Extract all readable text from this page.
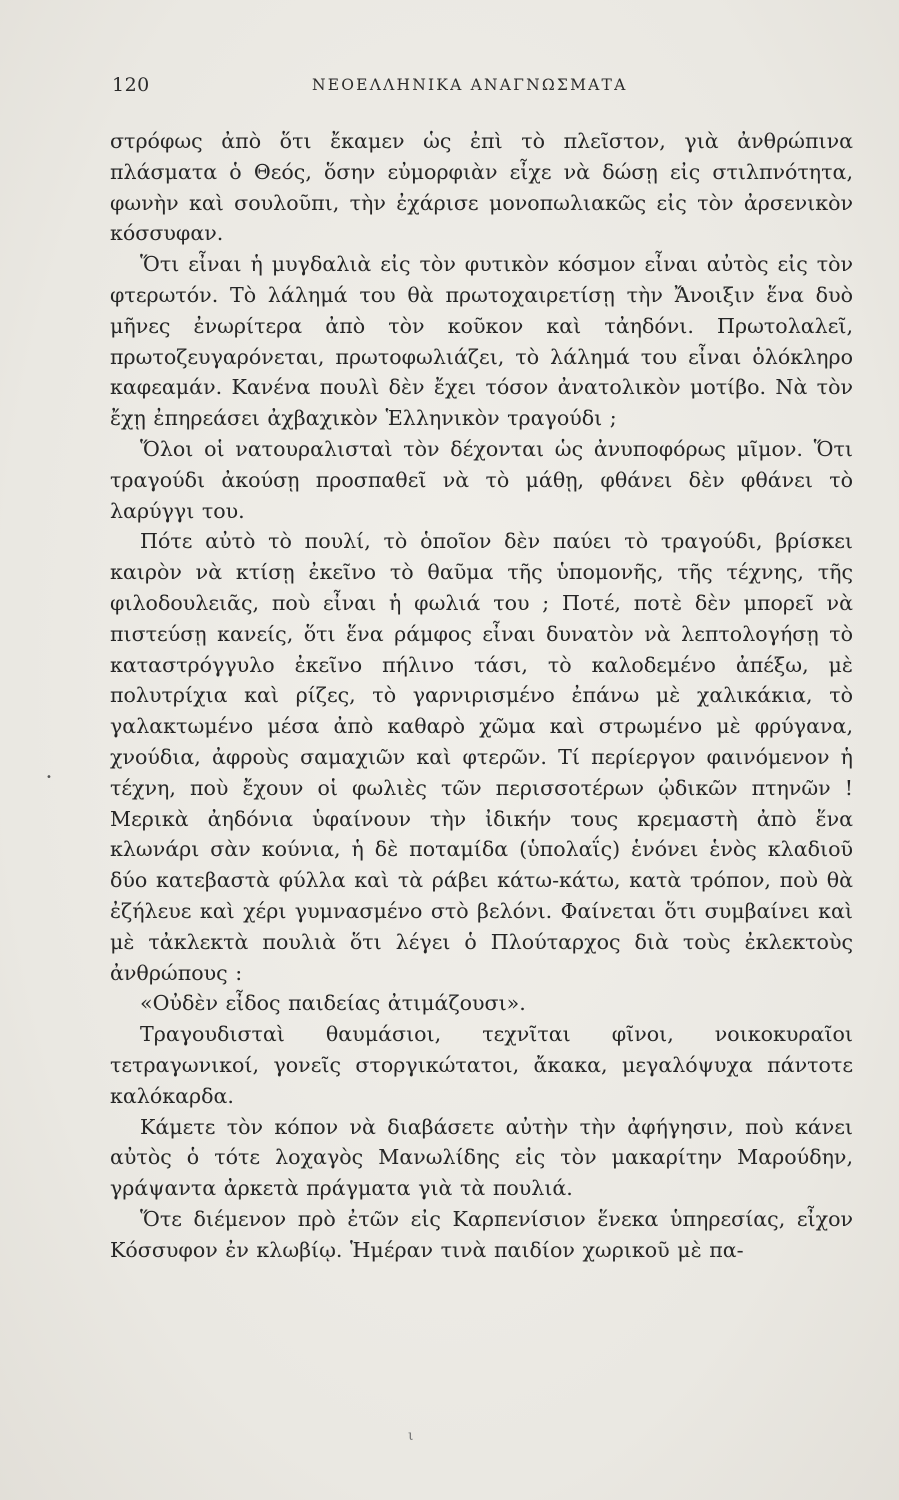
120	ΝΕΟΕΛΛΗΝΙΚΑ ΑΝΑΓΝΩΣΜΑΤΑ

στρόφως ἀπὸ ὅτι ἔκαμεν ὡς ἐπὶ τὸ πλεῖστον, γιὰ ἀνθρώπινα πλάσματα ὁ Θεός, ὅσην εὐμορφιὰν εἶχε νὰ δώσῃ εἰς στιλπνότητα, φωνὴν καὶ σουλοῦπι, τὴν ἐχάρισε μονοπωλιακῶς εἰς τὸν ἀρσενικὸν κόσσυφαν.

Ὅτι εἶναι ἡ μυγδαλιὰ εἰς τὸν φυτικὸν κόσμον εἶναι αὐτὸς εἰς τὸν φτερωτόν. Τὸ λάλημά του θὰ πρωτοχαιρετίσῃ τὴν Ἄνοιξιν ἕνα δυὸ μῆνες ἐνωρίτερα ἀπὸ τὸν κοῦκον καὶ τἀηδόνι. Πρωτολαλεῖ, πρωτοζευγαρόνεται, πρωτοφωλιάζει, τὸ λάλημά του εἶναι ὁλόκληρο καφεαμάν. Κανένα πουλὶ δὲν ἔχει τόσον ἀνατολικὸν μοτίβο. Νὰ τὸν ἔχῃ ἐπηρεάσει ἀχβαχικὸν Ἑλληνικὸν τραγούδι ;

Ὅλοι οἱ νατουραλισταὶ τὸν δέχονται ὡς ἀνυποφόρως μῖμον. Ὅτι τραγούδι ἀκούσῃ προσπαθεῖ νὰ τὸ μάθῃ, φθάνει δὲν φθάνει τὸ λαρύγγι του.

Πότε αὐτὸ τὸ πουλί, τὸ ὁποῖον δὲν παύει τὸ τραγούδι, βρίσκει καιρὸν νὰ κτίσῃ ἐκεῖνο τὸ θαῦμα τῆς ὑπομονῆς, τῆς τέχνης, τῆς φιλοδουλειᾶς, ποὺ εἶναι ἡ φωλιά του ; Ποτέ, ποτὲ δὲν μπορεῖ νὰ πιστεύσῃ κανείς, ὅτι ἕνα ράμφος εἶναι δυνατὸν νὰ λεπτολογήσῃ τὸ καταστρόγγυλο ἐκεῖνο πήλινο τάσι, τὸ καλοδεμένο ἀπέξω, μὲ πολυτρίχια καὶ ρίζες, τὸ γαρνιρισμένο ἐπάνω μὲ χαλικάκια, τὸ γαλακτωμένο μέσα ἀπὸ καθαρὸ χῶμα καὶ στρωμένο μὲ φρύγανα, χνούδια, ἀφροὺς σαμαχιῶν καὶ φτερῶν. Τί περίεργον φαινόμενον ἡ τέχνη, ποὺ ἔχουν οἱ φωλιὲς τῶν περισσοτέρων ᾠδικῶν πτηνῶν ! Μερικὰ ἀηδόνια ὑφαίνουν τὴν ἰδικήν τους κρεμαστὴ ἀπὸ ἕνα κλωνάρι σὰν κούνια, ἡ δὲ ποταμίδα (ὑπολαΐς) ἑνόνει ἑνὸς κλαδιοῦ δύο κατεβαστὰ φύλλα καὶ τὰ ράβει κάτω-κάτω, κατὰ τρόπον, ποὺ θὰ ἐζήλευε καὶ χέρι γυμνασμένο στὸ βελόνι. Φαίνεται ὅτι συμβαίνει καὶ μὲ τἀκλεκτὰ πουλιὰ ὅτι λέγει ὁ Πλούταρχος διὰ τοὺς ἐκλεκτοὺς ἀνθρώπους :

«Οὐδὲν εἶδος παιδείας ἀτιμάζουσι».

Τραγουδισταὶ θαυμάσιοι, τεχνῖται φῖνοι, νοικοκυραῖοι τετραγωνικοί, γονεῖς στοργικώτατοι, ἄκακα, μεγαλόψυχα πάντοτε καλόκαρδα.

Κάμετε τὸν κόπον νὰ διαβάσετε αὐτὴν τὴν ἀφήγησιν, ποὺ κάνει αὐτὸς ὁ τότε λοχαγὸς Μανωλίδης εἰς τὸν μακαρίτην Μαρούδην, γράψαντα ἀρκετὰ πράγματα γιὰ τὰ πουλιά.

Ὅτε διέμενον πρὸ ἐτῶν εἰς Καρπενίσιον ἕνεκα ὑπηρεσίας, εἶχον Κόσσυφον ἐν κλωβίῳ. Ἡμέραν τινὰ παιδίον χωρικοῦ μὲ πα-

•
ι
